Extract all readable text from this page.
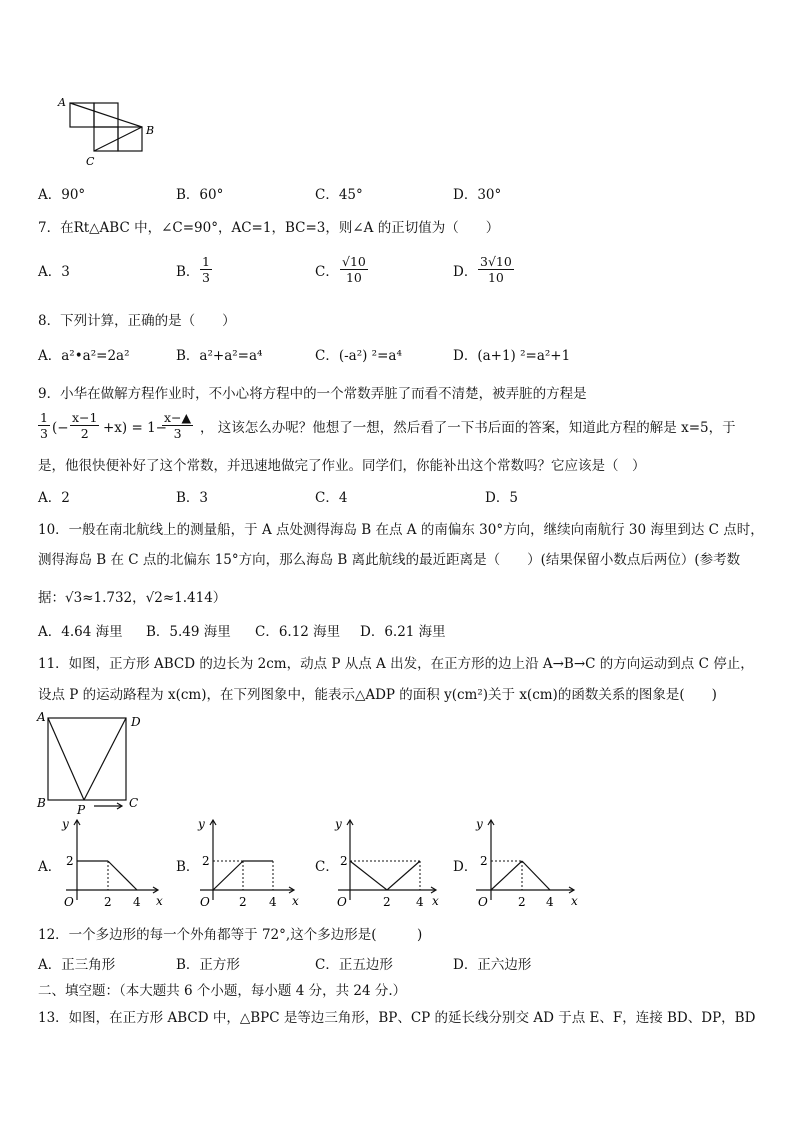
A
B
C
A．90°	B．60°	C．45°	D．30°
7．在Rt△ABC 中，∠C=90°，AC=1，BC=3，则∠A 的正切值为（　　）
A．3	B． $\frac{1}{3}$	C． $\frac{√10}{10}$	D． $\frac{3√10}{10}$
8．下列计算，正确的是（　　）
A．a²•a²=2a²	B．a²+a²=a⁴	C．(-a²) ²=a⁴	D．(a+1) ²=a²+1
9．小华在做解方程作业时，不小心将方程中的一个常数弄脏了而看不清楚，被弄脏的方程是
$\frac{1}{3}$ (− $\frac{x-1}{2} +x) = 1-$
$\frac{x-▲}{3}$ ， 这该怎么办呢？他想了一想，然后看了一下书后面的答案，知道此方程的解是 x=5，于
是，他很快便补好了这个常数，并迅速地做完了作业。同学们，你能补出这个常数吗？它应该是（　）
A．2	B．3	C．4	D．5
10．一般在南北航线上的测量船，于 A 点处测得海岛 B 在点 A 的南偏东 30°方向，继续向南航行 30 海里到达 C 点时，
测得海岛 B 在 C 点的北偏东 15°方向，那么海岛 B 离此航线的最近距离是（　　）(结果保留小数点后两位）(参考数
据：√3≈1.732，√2≈1.414）
A．4.64 海里 B．5.49 海里 C．6.12 海里 D．6.21 海里
11．如图，正方形 ABCD 的边长为 2cm，动点 P 从点 A 出发，在正方形的边上沿 A→B→C 的方向运动到点 C 停止，
设点 P 的运动路程为 x(cm)，在下列图象中，能表示△ADP 的面积 y(cm²)关于 x(cm)的函数关系的图象是(　　)
A	D
B	C
P
A．
y
x
O
2
2 4
B．
y
x
O
2
2 4
C．
y
x
O
2
2 4
D．
y
x
O
2
2 4
12．一个多边形的每一个外角都等于 72°,这个多边形是(　　　)
A．正三角形	B．正方形	C．正五边形	D．正六边形
二、填空题：（本大题共 6 个小题，每小题 4 分，共 24 分.）
13．如图，在正方形 ABCD 中，△BPC 是等边三角形，BP、CP 的延长线分别交 AD 于点 E、F，连接 BD、DP，BD
